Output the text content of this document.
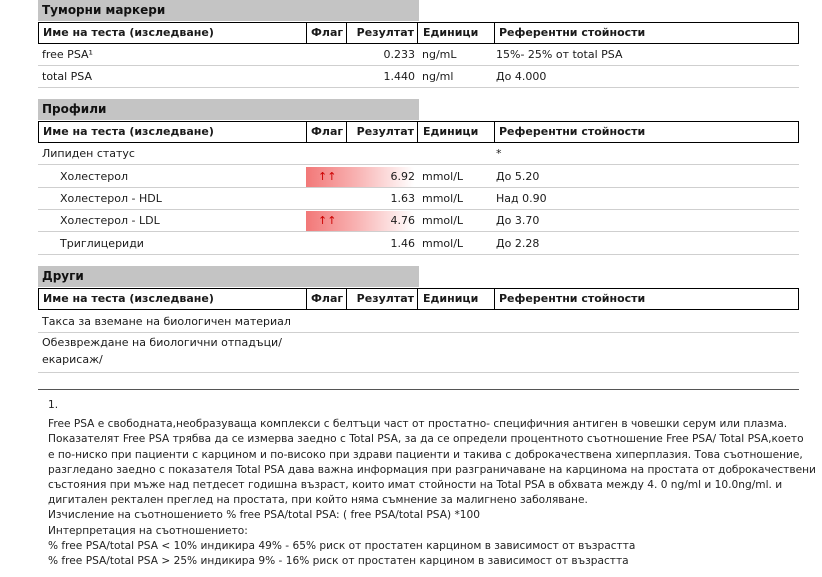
Туморни маркери
Име на теста (изследване)	Флаг Резултат Единици Референтни стойности
free PSA¹	0.233 ng/mL	15%- 25% от total PSA
total PSA	1.440 ng/ml	До 4.000
Профили
Име на теста (изследване)	Флаг Резултат Единици Референтни стойности
Липиден статус	*
Холестерол	↑↑	6.92 mmol/L	До 5.20
Холестерол - HDL	1.63 mmol/L	Над 0.90
Холестерол - LDL	↑↑	4.76 mmol/L	До 3.70
Триглицериди	1.46 mmol/L	До 2.28
Други
Име на теста (изследване)	Флаг Резултат Единици Референтни стойности
Такса за вземане на биологичен материал
Обезвреждане на биологични отпадъци/
екарисаж/

1.

Free PSA е свободната,необразуваща комплекси с белтъци част от простатно- специфичния антиген в човешки серум или плазма.

Показателят Free PSA трябва да се измерва заедно с Total PSA, за да се определи процентното съотношение Free PSA/ Total PSA,което

е по-ниско при пациенти с карцином и по-високо при здрави пациенти и такива с доброкачествена хиперплазия. Това съотношение,

разгледано заедно с показателя Total PSA дава важна информация при разграничаване на карцинома на простата от доброкачествени

състояния при мъже над петдесет годишна възраст, които имат стойности на Total PSA в обхвата между 4. 0 ng/ml и 10.0ng/ml. и

дигитален ректален преглед на простата, при който няма съмнение за малигнено заболяване.

Изчисление на съотношението % free PSA/total PSA: ( free PSA/total PSA) *100

Интерпретация на съотношението:

% free PSA/total PSA < 10% индикира 49% - 65% риск от простатен карцином в зависимост от възрастта

% free PSA/total PSA > 25% индикира 9% - 16% риск от простатен карцином в зависимост от възрастта
